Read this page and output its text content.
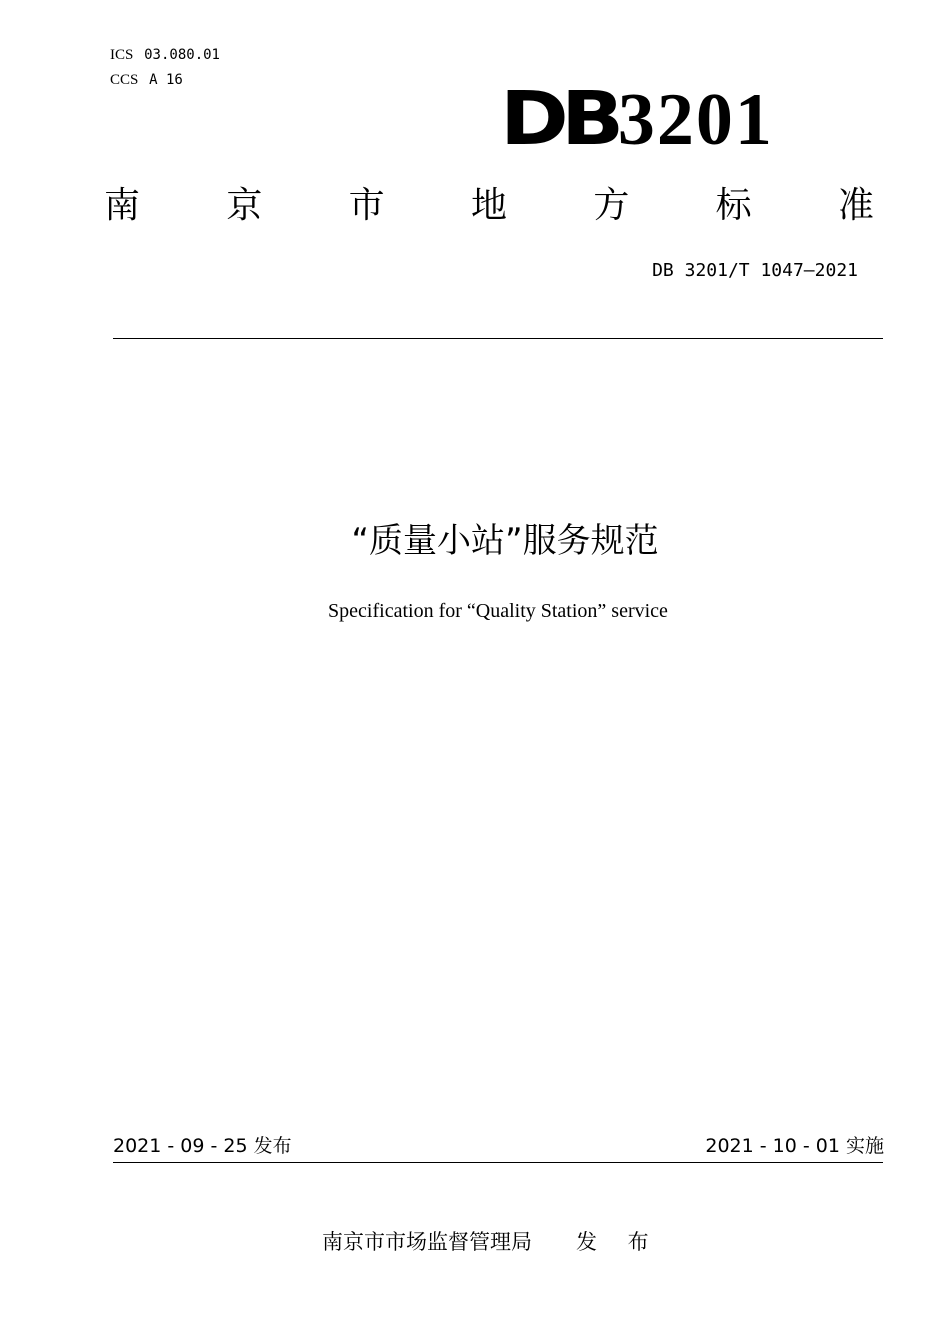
ICS 03.080.01
CCS A 16	DB3201
南 京 市 地 方 标 准
DB 3201/T 1047—2021
“质量小站”服务规范
Specification for “Quality Station” service
2021 - 09 - 25 发布	2021 - 10 - 01 实施
南京市市场监督管理局 发 布
